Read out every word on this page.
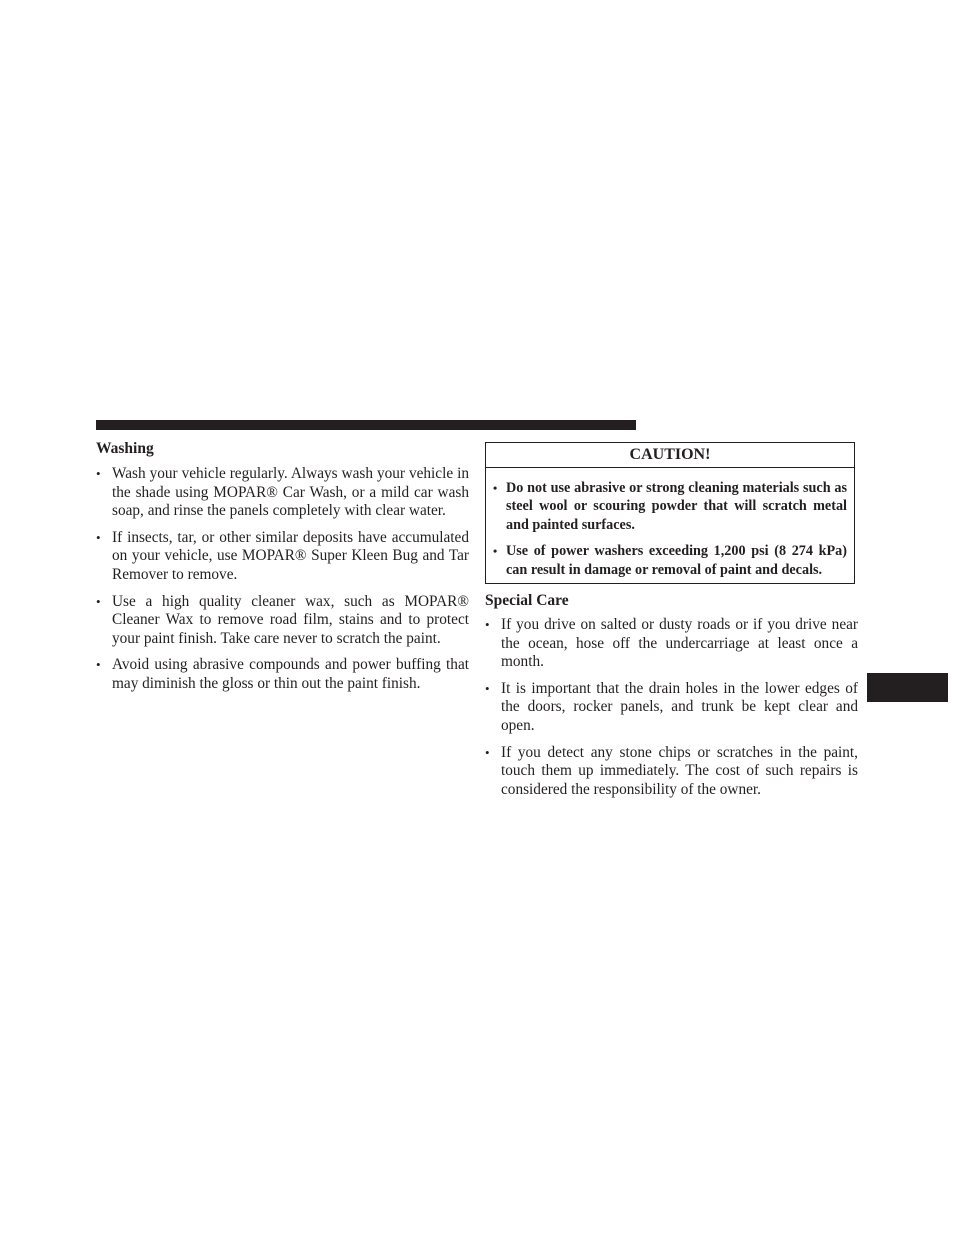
Washing
• Wash your vehicle regularly. Always wash your vehicle in the shade using MOPAR® Car Wash, or a mild car wash soap, and rinse the panels completely with clear water.
• If insects, tar, or other similar deposits have accumulated on your vehicle, use MOPAR® Super Kleen Bug and Tar Remover to remove.
• Use a high quality cleaner wax, such as MOPAR® Cleaner Wax to remove road film, stains and to protect your paint finish. Take care never to scratch the paint.
• Avoid using abrasive compounds and power buffing that may diminish the gloss or thin out the paint finish.
CAUTION!
• Do not use abrasive or strong cleaning materials such as steel wool or scouring powder that will scratch metal and painted surfaces.
• Use of power washers exceeding 1,200 psi (8 274 kPa) can result in damage or removal of paint and decals.
Special Care
• If you drive on salted or dusty roads or if you drive near the ocean, hose off the undercarriage at least once a month.
• It is important that the drain holes in the lower edges of the doors, rocker panels, and trunk be kept clear and open.
• If you detect any stone chips or scratches in the paint, touch them up immediately. The cost of such repairs is considered the responsibility of the owner.
